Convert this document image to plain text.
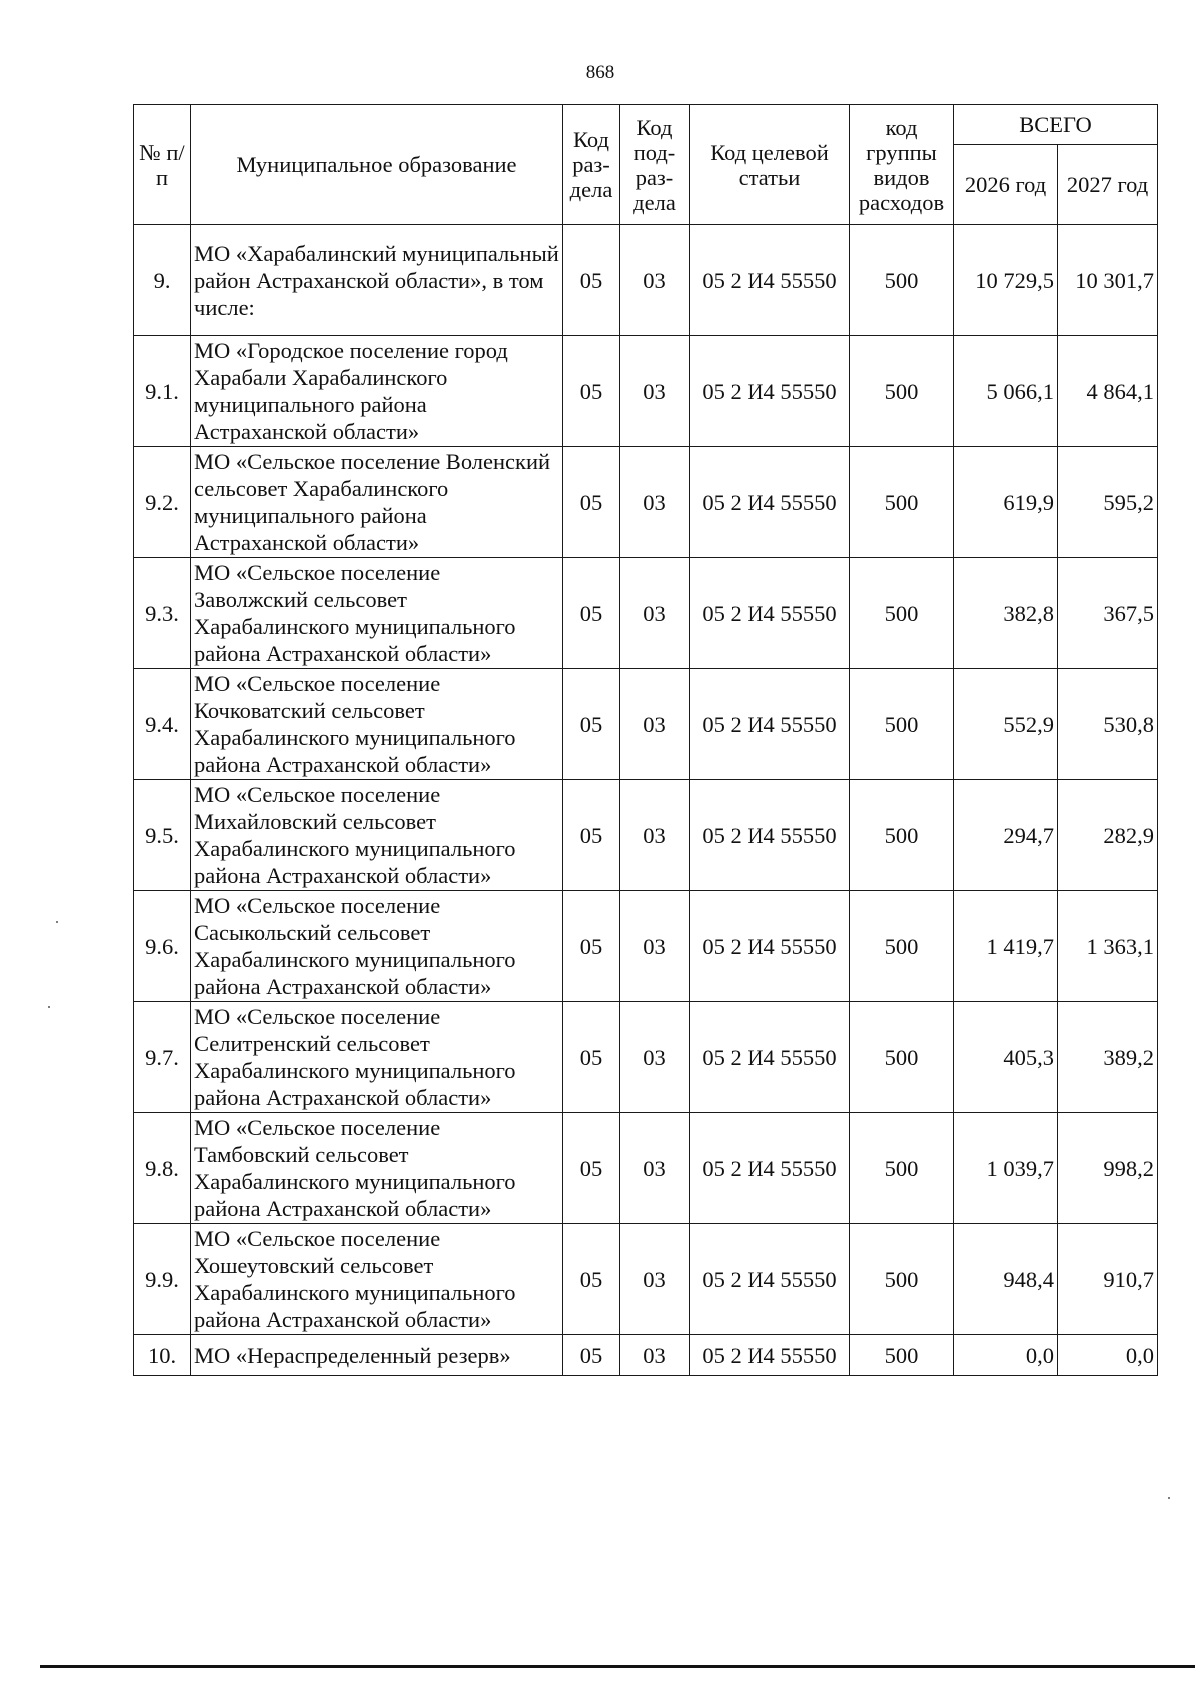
868
№ п/п	Муниципальное образование	Код раз- дела	Код под- раз- дела	Код целевой статьи	код группы видов расходов	ВСЕГО	
						2026 год	2027 год
9.	МО «Харабалинский муниципальный район Астраханской области», в том числе:	05	03	05 2 И4 55550	500	10 729,5	10 301,7
9.1.	МО «Городское поселение город Харабали Харабалинского муниципального района Астраханской области»	05	03	05 2 И4 55550	500	5 066,1	4 864,1
9.2.	МО «Сельское поселение Воленский сельсовет Харабалинского муниципального района Астраханской области»	05	03	05 2 И4 55550	500	619,9	595,2
9.3.	МО «Сельское поселение Заволжский сельсовет Харабалинского муниципального района Астраханской области»	05	03	05 2 И4 55550	500	382,8	367,5
9.4.	МО «Сельское поселение Кочковатский сельсовет Харабалинского муниципального района Астраханской области»	05	03	05 2 И4 55550	500	552,9	530,8
9.5.	МО «Сельское поселение Михайловский сельсовет Харабалинского муниципального района Астраханской области»	05	03	05 2 И4 55550	500	294,7	282,9
9.6.	МО «Сельское поселение Сасыкольский сельсовет Харабалинского муниципального района Астраханской области»	05	03	05 2 И4 55550	500	1 419,7	1 363,1
9.7.	МО «Сельское поселение Селитренский сельсовет Харабалинского муниципального района Астраханской области»	05	03	05 2 И4 55550	500	405,3	389,2
9.8.	МО «Сельское поселение Тамбовский сельсовет Харабалинского муниципального района Астраханской области»	05	03	05 2 И4 55550	500	1 039,7	998,2
9.9.	МО «Сельское поселение Хошеутовский сельсовет Харабалинского муниципального района Астраханской области»	05	03	05 2 И4 55550	500	948,4	910,7
10.	МО «Нераспределенный резерв»	05	03	05 2 И4 55550	500	0,0	0,0
